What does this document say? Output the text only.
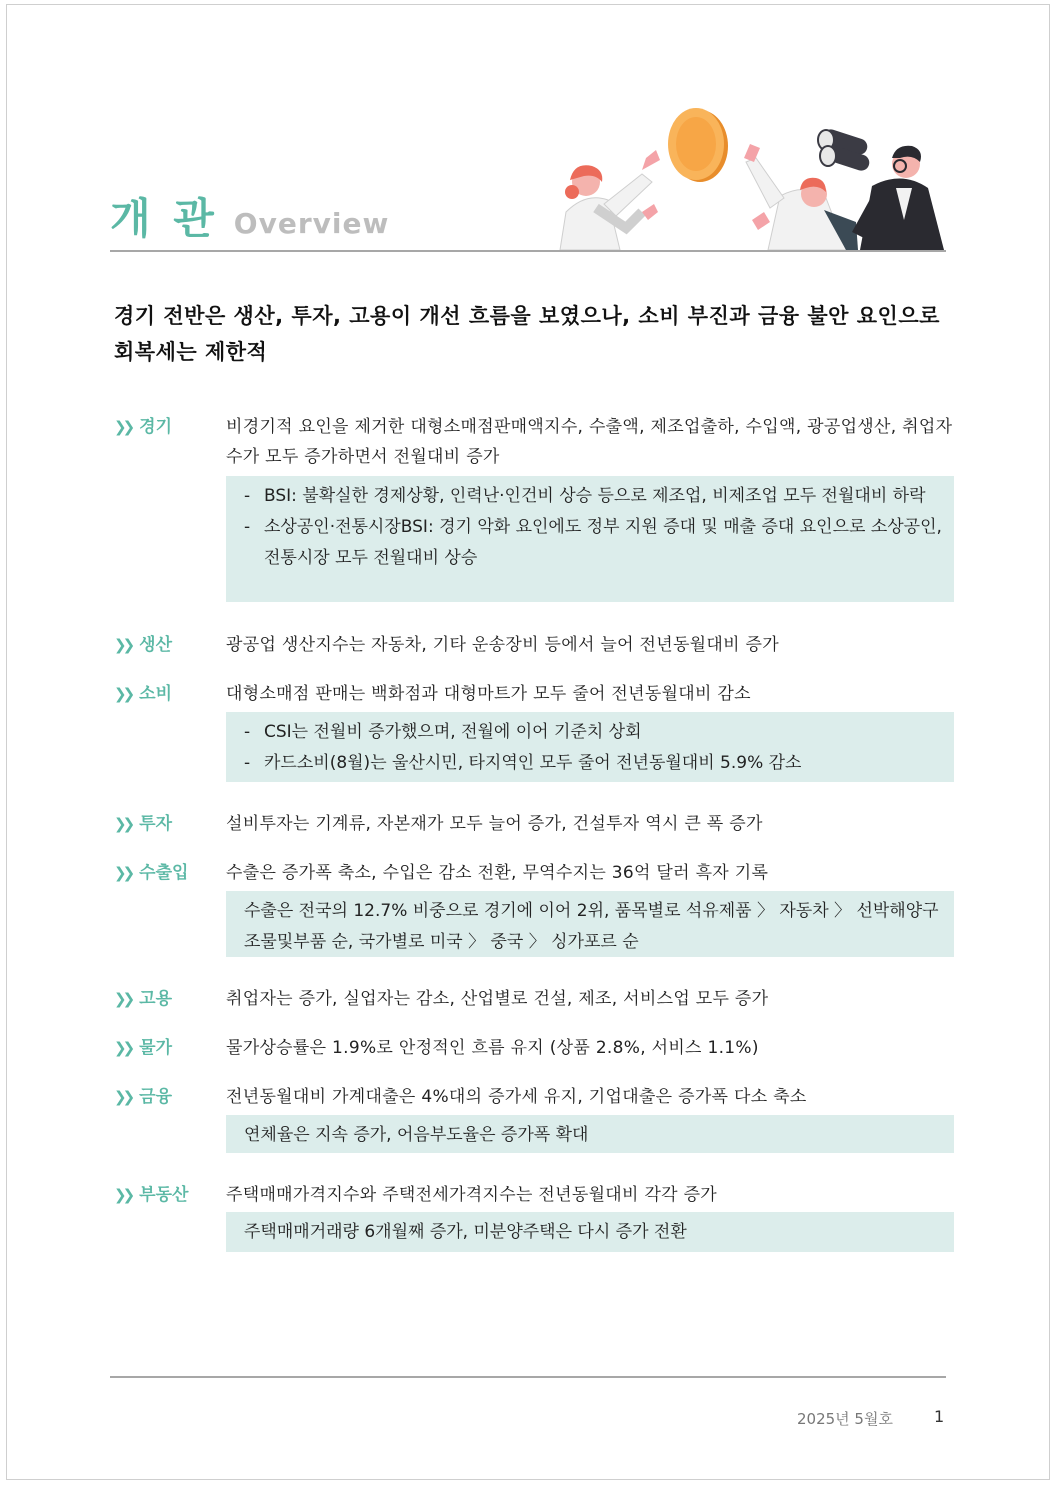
개 관 Overview
경기 전반은 생산, 투자, 고용이 개선 흐름을 보였으나, 소비 부진과 금융 불안 요인으로 회복세는 제한적
❯❯ 경기	비경기적 요인을 제거한 대형소매점판매액지수, 수출액, 제조업출하, 수입액, 광공업생산, 취업자수가 모두 증가하면서 전월대비 증가
- BSI: 불확실한 경제상황, 인력난·인건비 상승 등으로 제조업, 비제조업 모두 전월대비 하락
- 소상공인·전통시장BSI: 경기 악화 요인에도 정부 지원 증대 및 매출 증대 요인으로 소상공인, 전통시장 모두 전월대비 상승
❯❯ 생산	광공업 생산지수는 자동차, 기타 운송장비 등에서 늘어 전년동월대비 증가
❯❯ 소비	대형소매점 판매는 백화점과 대형마트가 모두 줄어 전년동월대비 감소
- CSI는 전월비 증가했으며, 전월에 이어 기준치 상회
- 카드소비(8월)는 울산시민, 타지역인 모두 줄어 전년동월대비 5.9% 감소
❯❯ 투자	설비투자는 기계류, 자본재가 모두 늘어 증가, 건설투자 역시 큰 폭 증가
❯❯ 수출입 수출은 증가폭 축소, 수입은 감소 전환, 무역수지는 36억 달러 흑자 기록
수출은 전국의 12.7% 비중으로 경기에 이어 2위, 품목별로 석유제품 〉 자동차 〉 선박해양구조물및부품 순, 국가별로 미국 〉 중국 〉 싱가포르 순
❯❯ 고용	취업자는 증가, 실업자는 감소, 산업별로 건설, 제조, 서비스업 모두 증가
❯❯ 물가	물가상승률은 1.9%로 안정적인 흐름 유지 (상품 2.8%, 서비스 1.1%)
❯❯ 금융	전년동월대비 가계대출은 4%대의 증가세 유지, 기업대출은 증가폭 다소 축소
연체율은 지속 증가, 어음부도율은 증가폭 확대
❯❯ 부동산 주택매매가격지수와 주택전세가격지수는 전년동월대비 각각 증가
주택매매거래량 6개월째 증가, 미분양주택은 다시 증가 전환
2025년 5월호	1
